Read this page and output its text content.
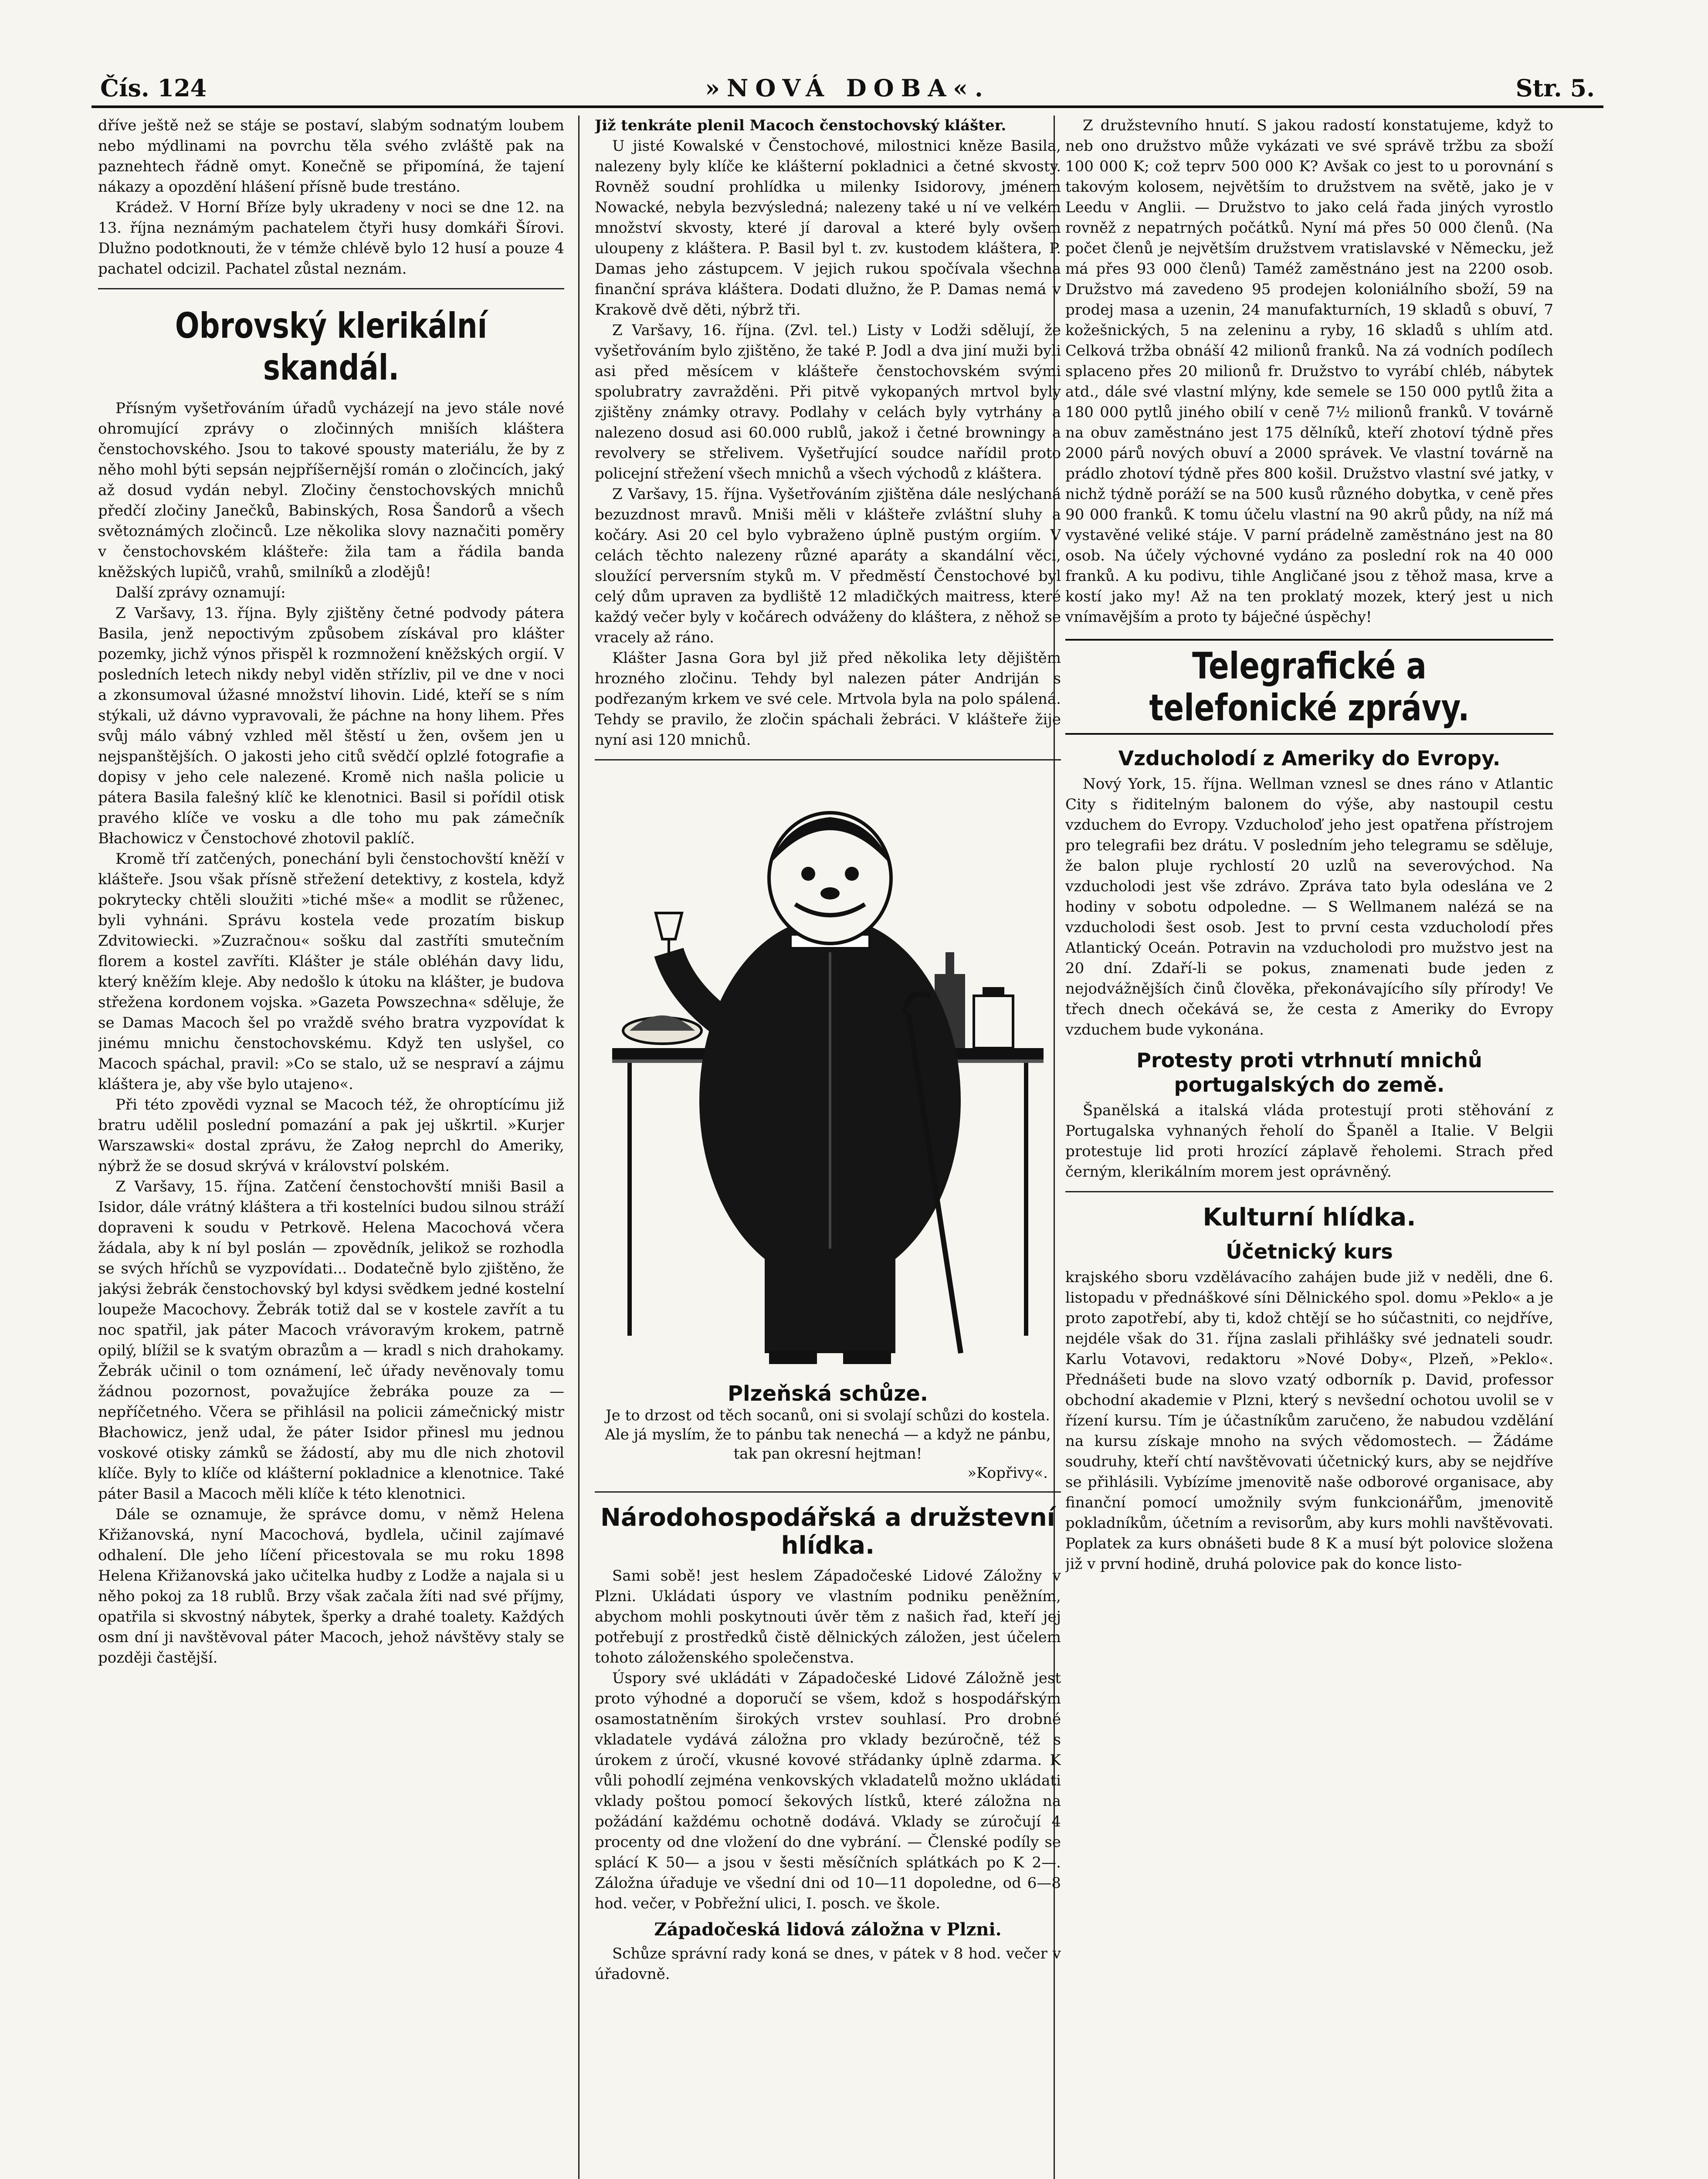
Čís. 124	»NOVÁ DOBA«.	Str. 5.

dříve ještě než se stáje se postaví, slabým sodnatým loubem nebo mýdlinami na povrchu těla svého zvláště pak na paznehtech řádně omyt. Konečně se připomíná, že tajení nákazy a opozdění hlášení přísně bude trestáno.

Krádež. V Horní Bříze byly ukradeny v noci se dne 12. na 13. října neznámým pachatelem čtyři husy domkáři Šírovi. Dlužno podotknouti, že v témže chlévě bylo 12 husí a pouze 4 pachatel odcizil. Pachatel zůstal neznám.

Obrovský klerikální skandál.

Přísným vyšetřováním úřadů vycházejí na jevo stále nové ohromující zprávy o zločinných mniších kláštera čenstochovského. Jsou to takové spousty materiálu, že by z něho mohl býti sepsán nejpříšernější román o zločincích, jaký až dosud vydán nebyl. Zločiny čenstochovských mnichů předčí zločiny Janečků, Babinských, Rosa Šandorů a všech světoznámých zločinců. Lze několika slovy naznačiti poměry v čenstochovském klášteře: žila tam a řádila banda kněžských lupičů, vrahů, smilníků a zlodějů!

Další zprávy oznamují:

Z Varšavy, 13. října. Byly zjištěny četné podvody pátera Basila, jenž nepoctivým způsobem získával pro klášter pozemky, jichž výnos přispěl k rozmnožení kněžských orgií. V posledních letech nikdy nebyl viděn střízliv, pil ve dne v noci a zkonsumoval úžasné množství lihovin. Lidé, kteří se s ním stýkali, už dávno vypravovali, že páchne na hony lihem. Přes svůj málo vábný vzhled měl štěstí u žen, ovšem jen u nejspanštějších. O jakosti jeho citů svědčí oplzlé fotografie a dopisy v jeho cele nalezené. Kromě nich našla policie u pátera Basila falešný klíč ke klenotnici. Basil si pořídil otisk pravého klíče ve vosku a dle toho mu pak zámečník Błachowicz v Čenstochové zhotovil paklíč.

Kromě tří zatčených, ponechání byli čenstochovští kněží v klášteře. Jsou však přísně střežení detektivy, z kostela, když pokrytecky chtěli sloužiti »tiché mše« a modlit se růženec, byli vyhnáni. Správu kostela vede prozatím biskup Zdvitowiecki. »Zuzračnou« sošku dal zastříti smutečním florem a kostel zavříti. Klášter je stále obléhán davy lidu, který kněžím kleje. Aby nedošlo k útoku na klášter, je budova střežena kordonem vojska. »Gazeta Powszechna« sděluje, že se Damas Macoch šel po vraždě svého bratra vyzpovídat k jinému mnichu čenstochovskému. Když ten uslyšel, co Macoch spáchal, pravil: »Co se stalo, už se nespraví a zájmu kláštera je, aby vše bylo utajeno«.

Při této zpovědi vyznal se Macoch též, že ohroptícímu již bratru udělil poslední pomazání a pak jej uškrtil. »Kurjer Warszawski« dostal zprávu, že Załog neprchl do Ameriky, nýbrž že se dosud skrývá v království polském.

Z Varšavy, 15. října. Zatčení čenstochovští mniši Basil a Isidor, dále vrátný kláštera a tři kostelníci budou silnou stráží dopraveni k soudu v Petrkově. Helena Macochová včera žádala, aby k ní byl poslán — zpovědník, jelikož se rozhodla se svých hříchů se vyzpovídati... Dodatečně bylo zjištěno, že jakýsi žebrák čenstochovský byl kdysi svědkem jedné kostelní loupeže Macochovy. Žebrák totiž dal se v kostele zavřít a tu noc spatřil, jak páter Macoch vrávoravým krokem, patrně opilý, blížil se k svatým obrazům a — kradl s nich drahokamy. Žebrák učinil o tom oznámení, leč úřady nevěnovaly tomu žádnou pozornost, považujíce žebráka pouze za — nepříčetného. Včera se přihlásil na policii zámečnický mistr Błachowicz, jenž udal, že páter Isidor přinesl mu jednou voskové otisky zámků se žádostí, aby mu dle nich zhotovil klíče. Byly to klíče od klášterní pokladnice a klenotnice. Také páter Basil a Macoch měli klíče k této klenotnici.

Dále se oznamuje, že správce domu, v němž Helena Křižanovská, nyní Macochová, bydlela, učinil zajímavé odhalení. Dle jeho líčení přicestovala se mu roku 1898 Helena Křižanovská jako učitelka hudby z Lodže a najala si u něho pokoj za 18 rublů. Brzy však začala žíti nad své příjmy, opatřila si skvostný nábytek, šperky a drahé toalety. Každých osm dní ji navštěvoval páter Macoch, jehož návštěvy staly se později častější.

Již tenkráte plenil Macoch čenstochovský klášter.

U jisté Kowalské v Čenstochové, milostnici kněze Basila, nalezeny byly klíče ke klášterní pokladnici a četné skvosty. Rovněž soudní prohlídka u milenky Isidorovy, jménem Nowacké, nebyla bezvýsledná; nalezeny také u ní ve velkém množství skvosty, které jí daroval a které byly ovšem uloupeny z kláštera. P. Basil byl t. zv. kustodem kláštera, P. Damas jeho zástupcem. V jejich rukou spočívala všechna finanční správa kláštera. Dodati dlužno, že P. Damas nemá v Krakově dvě děti, nýbrž tři.

Z Varšavy, 16. října. (Zvl. tel.) Listy v Lodži sdělují, že vyšetřováním bylo zjištěno, že také P. Jodl a dva jiní muži byli asi před měsícem v klášteře čenstochovském svými spolubratry zavražděni. Při pitvě vykopaných mrtvol byly zjištěny známky otravy. Podlahy v celách byly vytrhány a nalezeno dosud asi 60.000 rublů, jakož i četné browningy a revolvery se střelivem. Vyšetřující soudce nařídil proto policejní střežení všech mnichů a všech východů z kláštera.

Z Varšavy, 15. října. Vyšetřováním zjištěna dále neslýchaná bezuzdnost mravů. Mniši měli v klášteře zvláštní sluhy a kočáry. Asi 20 cel bylo vybraženo úplně pustým orgiím. V celách těchto nalezeny různé aparáty a skandální věci, sloužící perversním styků m. V předměstí Čenstochové byl celý dům upraven za bydliště 12 mladičkých maitress, které každý večer byly v kočárech odváženy do kláštera, z něhož se vracely až ráno.

Klášter Jasna Gora byl již před několika lety dějištěm hrozného zločinu. Tehdy byl nalezen páter Andriján s podřezaným krkem ve své cele. Mrtvola byla na polo spálená. Tehdy se pravilo, že zločin spáchali žebráci. V klášteře žije nyní asi 120 mnichů.

Plzeňská schůze.
Je to drzost od těch socanů, oni si svolají schůzi do kostela. Ale já myslím, že to pánbu tak nenechá — a když ne pánbu, tak pan okresní hejtman!
»Kopřivy«.
Národohospodářská a družstevní hlídka.

Sami sobě! jest heslem Západočeské Lidové Záložny v Plzni. Ukládati úspory ve vlastním podniku peněžním, abychom mohli poskytnouti úvěr těm z našich řad, kteří jej potřebují z prostředků čistě dělnických záložen, jest účelem tohoto záloženského společenstva.

Úspory své ukládáti v Západočeské Lidové Záložně jest proto výhodné a doporučí se všem, kdož s hospodářským osamostatněním širokých vrstev souhlasí. Pro drobné vkladatele vydává záložna pro vklady bezúročně, též s úrokem z úročí, vkusné kovové střádanky úplně zdarma. K vůli pohodlí zejména venkovských vkladatelů možno ukládati vklady poštou pomocí šekových lístků, které záložna na požádání každému ochotně dodává. Vklady se zúročují 4 procenty od dne vložení do dne vybrání. — Členské podíly se splácí K 50— a jsou v šesti měsíčních splátkách po K 2—. Záložna úřaduje ve všední dni od 10—11 dopoledne, od 6—8 hod. večer, v Pobřežní ulici, I. posch. ve škole.

Západočeská lidová záložna v Plzni.

Schůze správní rady koná se dnes, v pátek v 8 hod. večer v úřadovně.

Z družstevního hnutí. S jakou radostí konstatujeme, když to neb ono družstvo může vykázati ve své správě tržbu za sboží 100 000 K; což teprv 500 000 K? Avšak co jest to u porovnání s takovým kolosem, největším to družstvem na světě, jako je v Leedu v Anglii. — Družstvo to jako celá řada jiných vyrostlo rovněž z nepatrných počátků. Nyní má přes 50 000 členů. (Na počet členů je největším družstvem vratislavské v Německu, jež má přes 93 000 členů) Taméž zaměstnáno jest na 2200 osob. Družstvo má zavedeno 95 prodejen koloniálního sboží, 59 na prodej masa a uzenin, 24 manufakturních, 19 skladů s obuví, 7 kožešnických, 5 na zeleninu a ryby, 16 skladů s uhlím atd. Celková tržba obnáší 42 milionů franků. Na zá vodních podílech splaceno přes 20 milionů fr. Družstvo to vyrábí chléb, nábytek atd., dále své vlastní mlýny, kde semele se 150 000 pytlů žita a 180 000 pytlů jiného obilí v ceně 7½ milionů franků. V továrně na obuv zaměstnáno jest 175 dělníků, kteří zhotoví týdně přes 2000 párů nových obuví a 2000 správek. Ve vlastní továrně na prádlo zhotoví týdně přes 800 košil. Družstvo vlastní své jatky, v nichž týdně poráží se na 500 kusů různého dobytka, v ceně přes 90 000 franků. K tomu účelu vlastní na 90 akrů půdy, na níž má vystavěné veliké stáje. V parní prádelně zaměstnáno jest na 80 osob. Na účely výchovné vydáno za poslední rok na 40 000 franků. A ku podivu, tihle Angličané jsou z těhož masa, krve a kostí jako my! Až na ten proklatý mozek, který jest u nich vnímavějším a proto ty báječné úspěchy!

Telegrafické a telefonické zprávy.
Vzducholodí z Ameriky do Evropy.

Nový York, 15. října. Wellman vznesl se dnes ráno v Atlantic City s řiditelným balonem do výše, aby nastoupil cestu vzduchem do Evropy. Vzducholoď jeho jest opatřena přístrojem pro telegrafii bez drátu. V posledním jeho telegramu se sděluje, že balon pluje rychlostí 20 uzlů na severovýchod. Na vzducholodi jest vše zdrávo. Zpráva tato byla odeslána ve 2 hodiny v sobotu odpoledne. — S Wellmanem nalézá se na vzducholodi šest osob. Jest to první cesta vzducholodí přes Atlantický Oceán. Potravin na vzducholodi pro mužstvo jest na 20 dní. Zdaří-li se pokus, znamenati bude jeden z nejodvážnějších činů člověka, překonávajícího síly přírody! Ve třech dnech očekává se, že cesta z Ameriky do Evropy vzduchem bude vykonána.

Protesty proti vtrhnutí mnichů portugalských do země.

Španělská a italská vláda protestují proti stěhování z Portugalska vyhnaných řeholí do Španěl a Italie. V Belgii protestuje lid proti hrozící záplavě řeholemi. Strach před černým, klerikálním morem jest oprávněný.

Kulturní hlídka.
Účetnický kurs

krajského sboru vzdělávacího zahájen bude již v neděli, dne 6. listopadu v přednáškové síni Dělnického spol. domu »Peklo« a je proto zapotřebí, aby ti, kdož chtějí se ho súčastniti, co nejdříve, nejdéle však do 31. října zaslali přihlášky své jednateli soudr. Karlu Votavovi, redaktoru »Nové Doby«, Plzeň, »Peklo«. Přednášeti bude na slovo vzatý odborník p. David, professor obchodní akademie v Plzni, který s nevšední ochotou uvolil se v řízení kursu. Tím je účastníkům zaručeno, že nabudou vzdělání na kursu získaje mnoho na svých vědomostech. — Žádáme soudruhy, kteří chtí navštěvovati účetnický kurs, aby se nejdříve se přihlásili. Vybízíme jmenovitě naše odborové organisace, aby finanční pomocí umožnily svým funkcionářům, jmenovitě pokladníkům, účetním a revisorům, aby kurs mohli navštěvovati. Poplatek za kurs obnášeti bude 8 K a musí být polovice složena již v první hodině, druhá polovice pak do konce listo-
